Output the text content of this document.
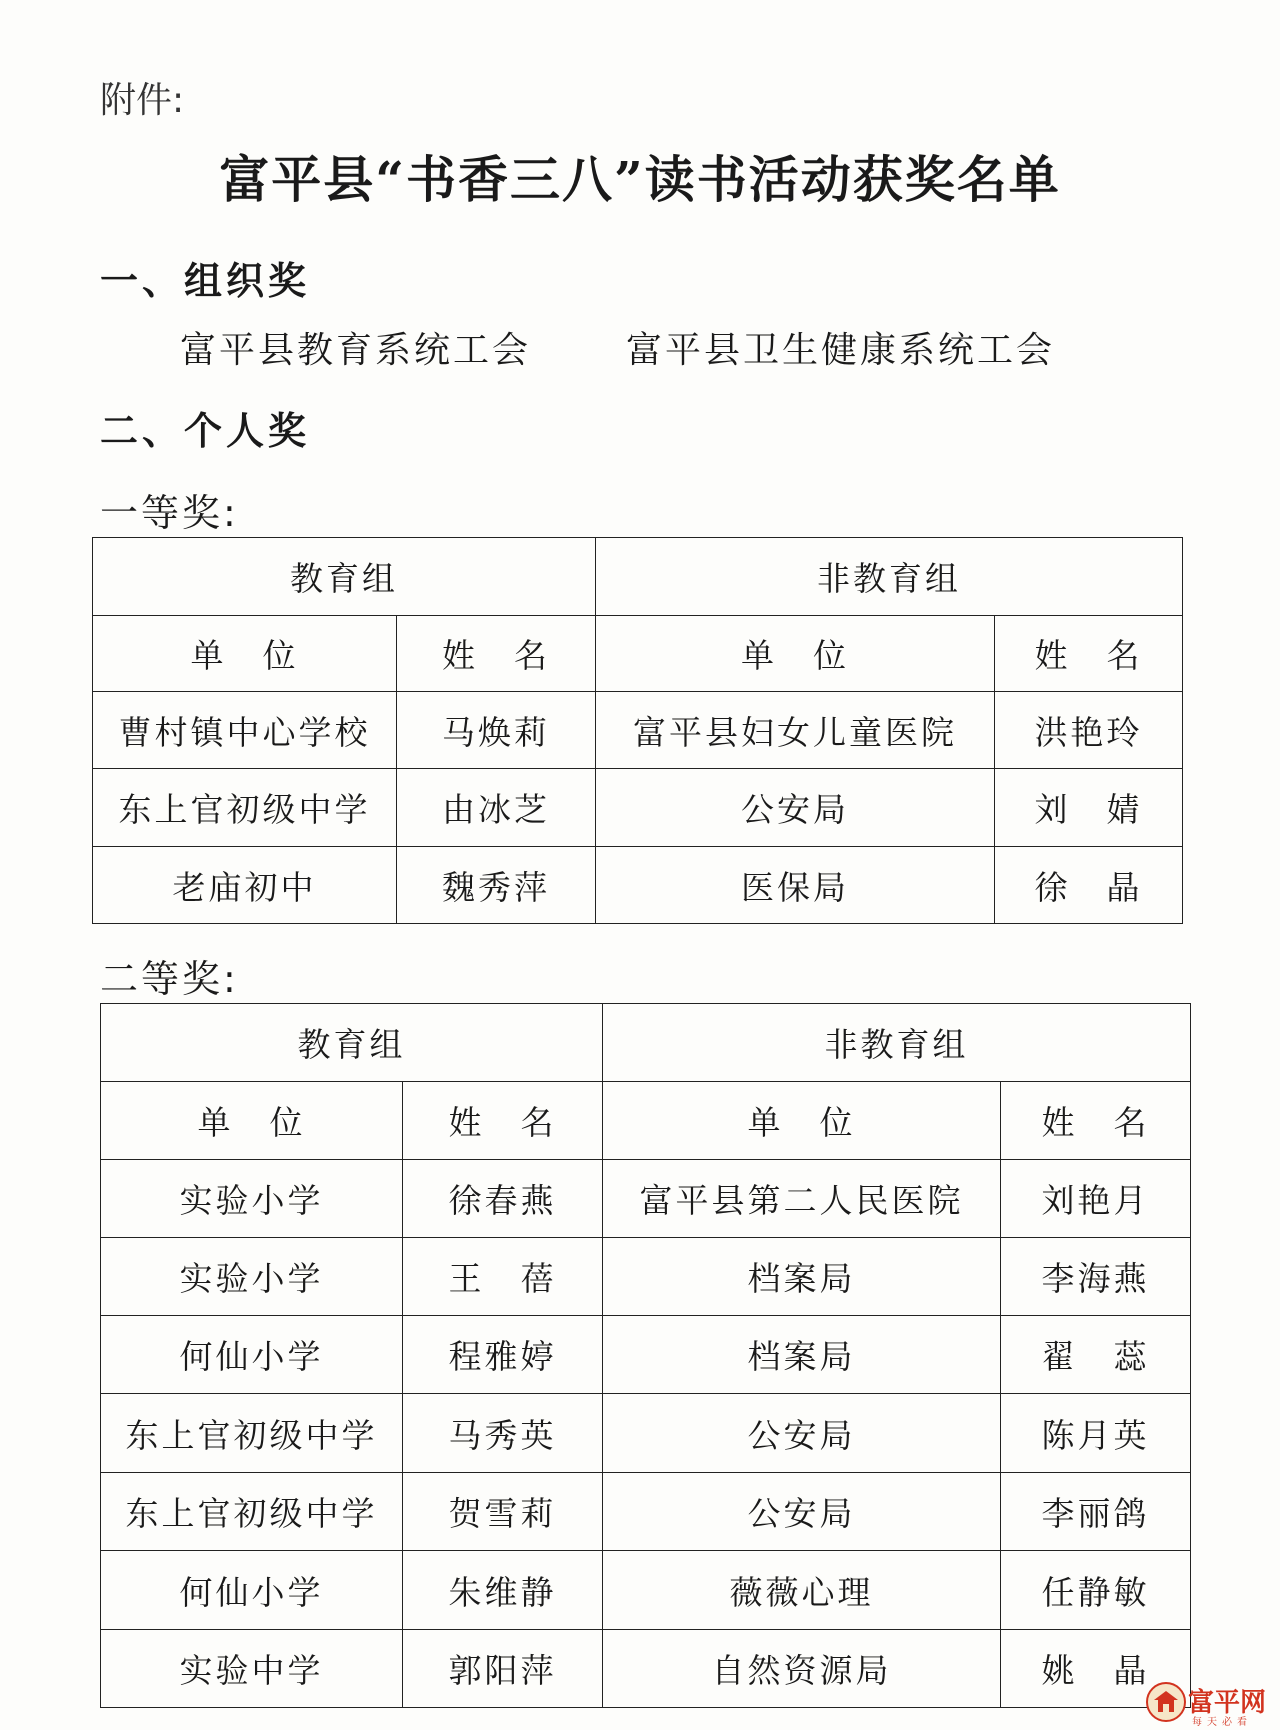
附件:
富平县“书香三八”读书活动获奖名单
一、组织奖
富平县教育系统工会	富平县卫生健康系统工会
二、个人奖
一等奖:
教育组		非教育组	
单　位	姓　名	单　位	姓　名
曹村镇中心学校	马焕莉	富平县妇女儿童医院	洪艳玲
东上官初级中学	由冰芝	公安局	刘　婧
老庙初中	魏秀萍	医保局	徐　晶
二等奖:
教育组		非教育组	
单　位	姓　名	单　位	姓　名
实验小学	徐春燕	富平县第二人民医院	刘艳月
实验小学	王　蓓	档案局	李海燕
何仙小学	程雅婷	档案局	翟　蕊
东上官初级中学	马秀英	公安局	陈月英
东上官初级中学	贺雪莉	公安局	李丽鸽
何仙小学	朱维静	薇薇心理	任静敏
实验中学	郭阳萍	自然资源局	姚　晶
富平网
每天必看
